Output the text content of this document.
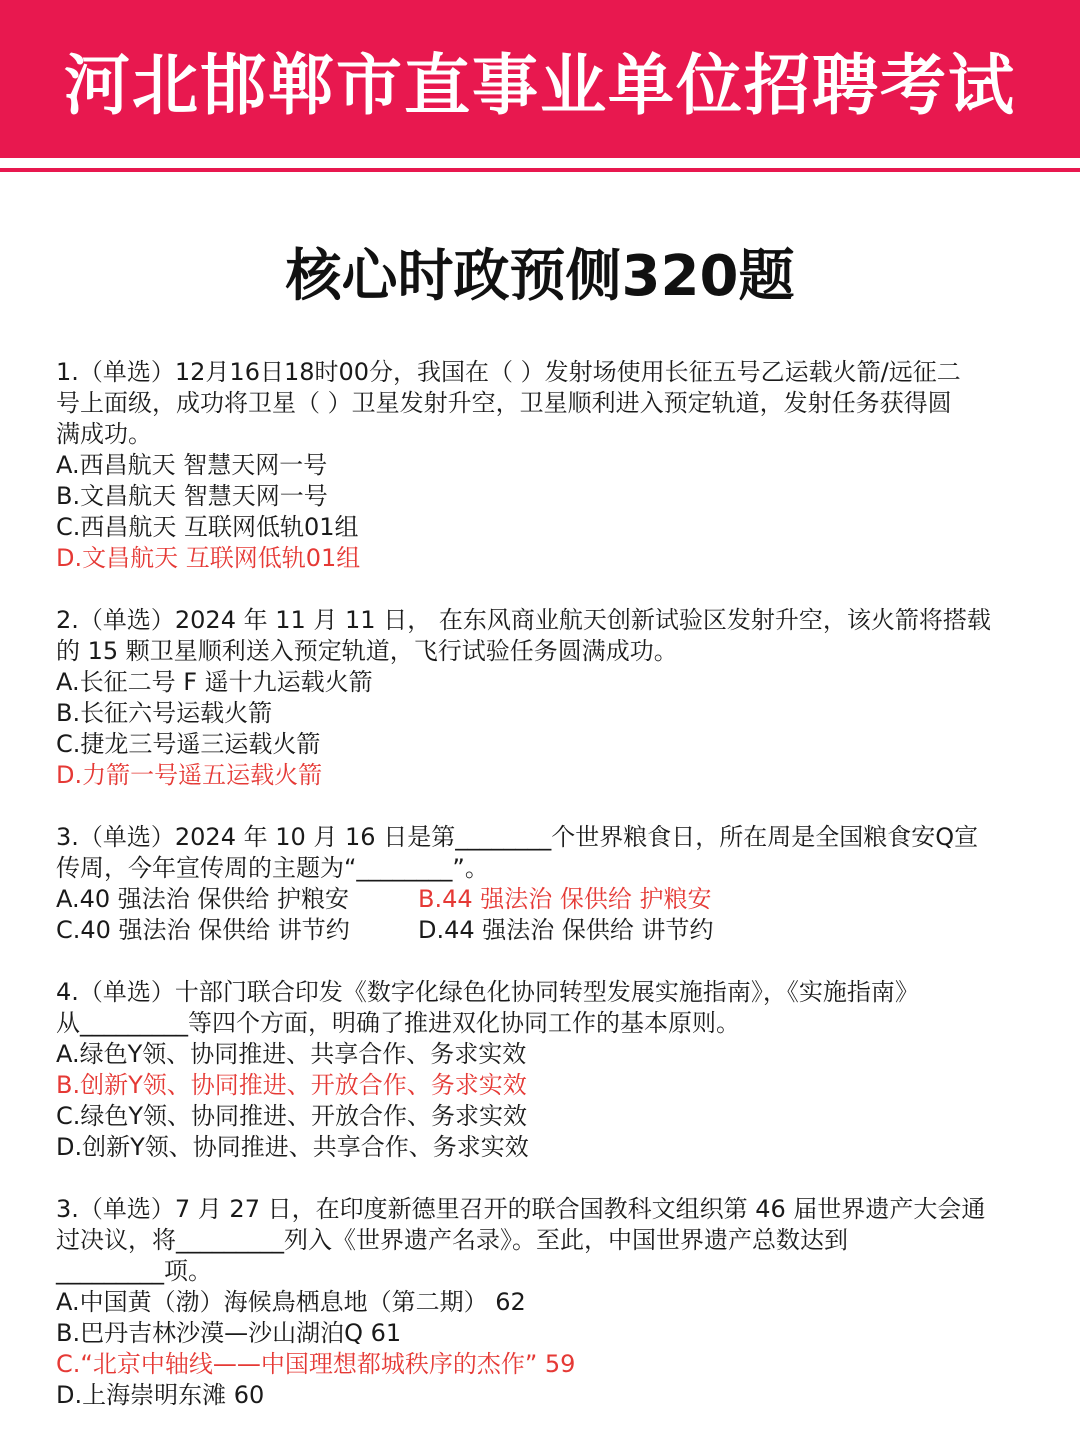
河北邯郸市直事业单位招聘考试
核心时政预侧320题
1.（单选）12月16日18时00分，我国在（ ）发射场使用长征五号乙运载火箭/远征二
号上面级，成功将卫星（ ）卫星发射升空，卫星顺利进入预定轨道，发射任务获得圆
满成功。
A.西昌航天 智慧天网一号
B.文昌航天 智慧天网一号
C.西昌航天 互联网低轨01组
D.文昌航天 互联网低轨01组
2.（单选）2024 年 11 月 11 日， 在东风商业航天创新试验区发射升空，该火箭将搭载
的 15 颗卫星顺利送入预定轨道，飞行试验任务圆满成功。
A.长征二号 F 遥十九运载火箭
B.长征六号运载火箭
C.捷龙三号遥三运载火箭
D.力箭一号遥五运载火箭
3.（单选）2024 年 10 月 16 日是第________个世界粮食日，所在周是全国粮食安Q宣
传周，今年宣传周的主题为“________”。
A.40 强法治 保供给 护粮安	B.44 强法治 保供给 护粮安
C.40 强法治 保供给 讲节约	D.44 强法治 保供给 讲节约
4.（单选）十部门联合印发《数字化绿色化协同转型发展实施指南》，《实施指南》
从_________等四个方面，明确了推进双化协同工作的基本原则。
A.绿色Y领、协同推进、共享合作、务求实效
B.创新Y领、协同推进、开放合作、务求实效
C.绿色Y领、协同推进、开放合作、务求实效
D.创新Y领、协同推进、共享合作、务求实效
3.（单选）7 月 27 日，在印度新德里召开的联合国教科文组织第 46 届世界遗产大会通
过决议，将_________列入《世界遗产名录》。至此，中国世界遗产总数达到
_________项。
A.中国黄（渤）海候鳥栖息地（第二期） 62
B.巴丹吉林沙漠—沙山湖泊Q 61
C.“北京中轴线——中国理想都城秩序的杰作” 59
D.上海崇明东滩 60
